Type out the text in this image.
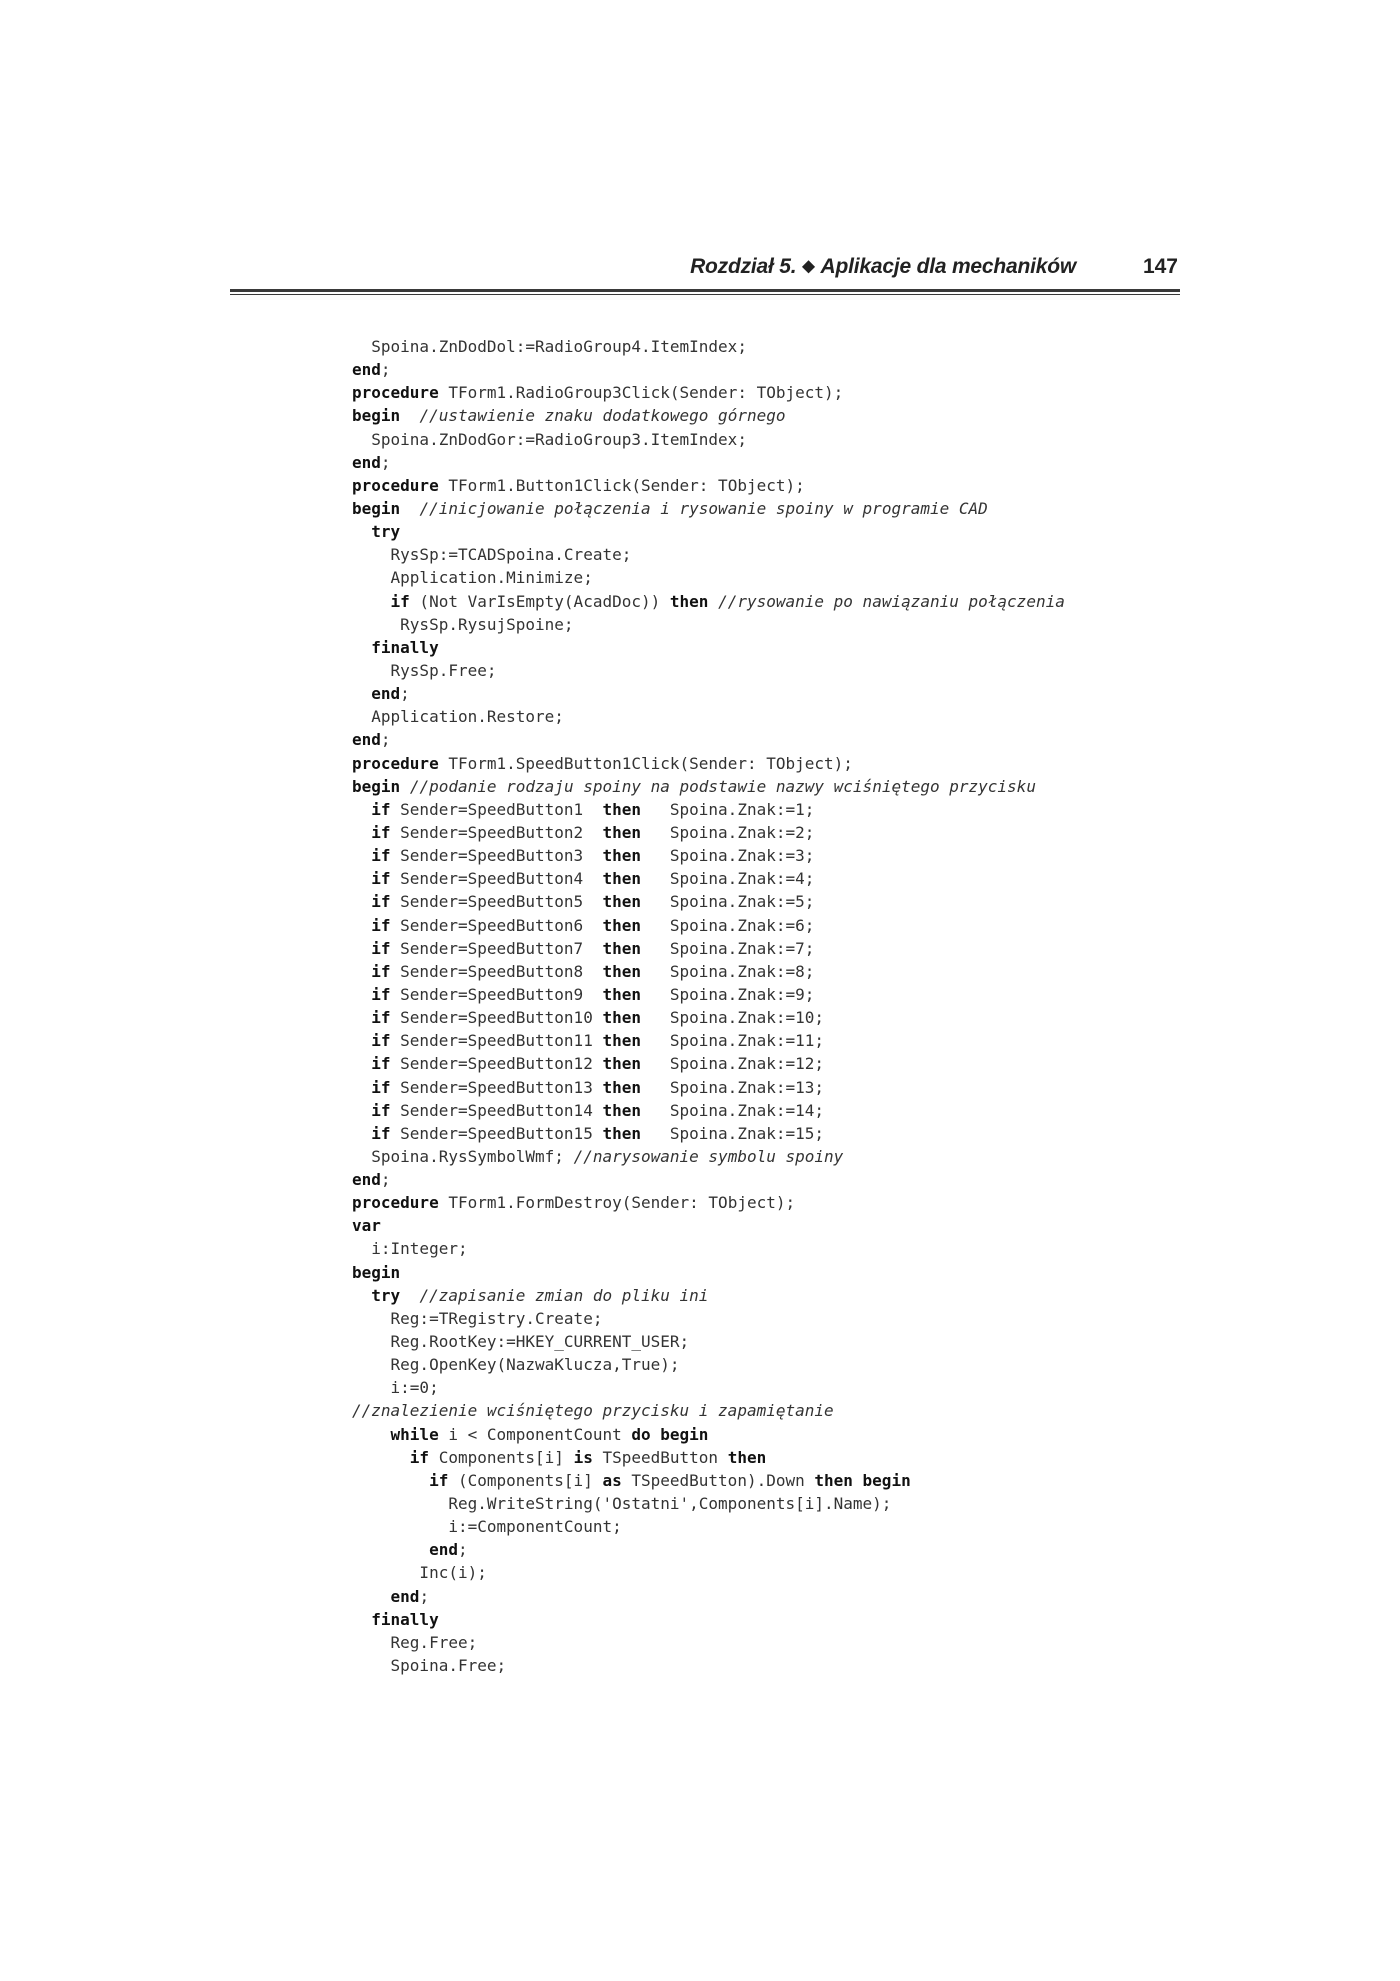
Rozdział 5. ◆ Aplikacje dla mechaników	147
Spoina.ZnDodDol:=RadioGroup4.ItemIndex;
end;
procedure TForm1.RadioGroup3Click(Sender: TObject);
begin //ustawienie znaku dodatkowego górnego
Spoina.ZnDodGor:=RadioGroup3.ItemIndex;
end;
procedure TForm1.Button1Click(Sender: TObject);
begin //inicjowanie połączenia i rysowanie spoiny w programie CAD
try
RysSp:=TCADSpoina.Create;
Application.Minimize;
if (Not VarIsEmpty(AcadDoc)) then //rysowanie po nawiązaniu połączenia
RysSp.RysujSpoine;
finally
RysSp.Free;
end;
Application.Restore;
end;
procedure TForm1.SpeedButton1Click(Sender: TObject);
begin //podanie rodzaju spoiny na podstawie nazwy wciśniętego przycisku
if Sender=SpeedButton1  then   Spoina.Znak:=1;
if Sender=SpeedButton2  then   Spoina.Znak:=2;
if Sender=SpeedButton3  then   Spoina.Znak:=3;
if Sender=SpeedButton4  then   Spoina.Znak:=4;
if Sender=SpeedButton5  then   Spoina.Znak:=5;
if Sender=SpeedButton6  then   Spoina.Znak:=6;
if Sender=SpeedButton7  then   Spoina.Znak:=7;
if Sender=SpeedButton8  then   Spoina.Znak:=8;
if Sender=SpeedButton9  then   Spoina.Znak:=9;
if Sender=SpeedButton10 then   Spoina.Znak:=10;
if Sender=SpeedButton11 then   Spoina.Znak:=11;
if Sender=SpeedButton12 then   Spoina.Znak:=12;
if Sender=SpeedButton13 then   Spoina.Znak:=13;
if Sender=SpeedButton14 then   Spoina.Znak:=14;
if Sender=SpeedButton15 then   Spoina.Znak:=15;
Spoina.RysSymbolWmf; //narysowanie symbolu spoiny
end;
procedure TForm1.FormDestroy(Sender: TObject);
var
i:Integer;
begin
try //zapisanie zmian do pliku ini
Reg:=TRegistry.Create;
Reg.RootKey:=HKEY_CURRENT_USER;
Reg.OpenKey(NazwaKlucza,True);
i:=0;
//znalezienie wciśniętego przycisku i zapamiętanie
while i < ComponentCount do begin
if Components[i] is TSpeedButton then
if (Components[i] as TSpeedButton).Down then begin
Reg.WriteString('Ostatni',Components[i].Name);
i:=ComponentCount;
end;
Inc(i);
end;
finally
Reg.Free;
Spoina.Free;
